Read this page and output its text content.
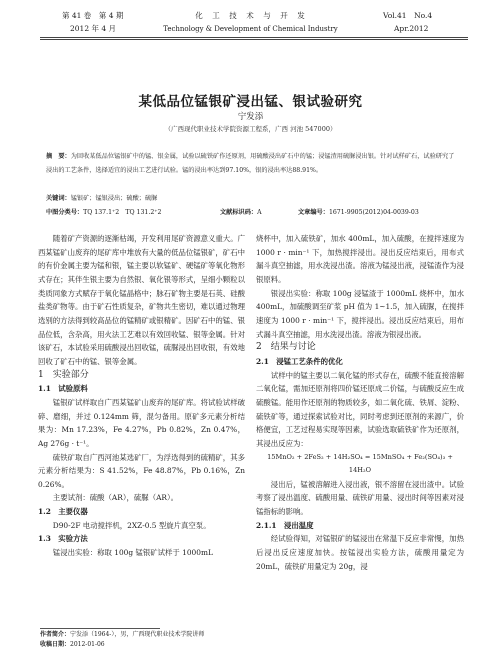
第 41 卷　第 4 期
2012 年 4 月
化　工　技　术　与　开　发
Technology & Development of Chemical Industry
Vol.41　No.4
Apr.2012
某低品位锰银矿浸出锰、银试验研究
宁发添
（广西现代职业技术学院资源工程系，广西 河池 547000）
摘　要：为回收某低品位锰银矿中的锰、银金属，试验以硫铁矿作还原剂，用硫酸浸出矿石中的锰；浸锰渣用硫脲浸出银。针对试样矿石，试验研究了浸出的工艺条件，选择适宜的浸出工艺进行试验。锰的浸出率达到97.10%，银的浸出率达88.91%。
关键词：锰银矿；锰银浸出；硫酸；硫脲
中图分类号：TQ 137.1⁺2　TQ 131.2⁺2	文献标识码：A	文章编号：1671-9905(2012)04-0039-03

随着矿产资源的逐渐枯竭，开发利用尾矿资源意义重大。广西某锰矿山废弃的尾矿库中堆放有大量的低品位锰银矿，矿石中的有价金属主要为锰和银，锰主要以软锰矿、硬锰矿等氧化物形式存在；其伴生银主要为自然银、氧化银等形式，呈细小颗粒以类质同象方式赋存于氧化锰晶格中；脉石矿物主要是石英、硅酸盐类矿物等。由于矿石性质复杂，矿物共生密切，难以通过物理选别的方法得到较高品位的锰精矿或银精矿。因矿石中的锰、银品位低，含杂高，用火法工艺难以有效回收锰、银等金属。针对该矿石，本试验采用硫酸浸出回收锰，硫脲浸出回收银，有效地回收了矿石中的锰、银等金属。

1　实验部分

1.1　试验原料

锰银矿试样取自广西某锰矿山废弃的尾矿库。将试验试样破碎、磨细，并过 0.124mm 筛，混匀备用。原矿多元素分析结果为：Mn 17.23%，Fe 4.27%，Pb 0.82%，Zn 0.47%，Ag 276g · t⁻¹。

硫铁矿取自广西河池某选矿厂，为浮选得到的硫精矿，其多元素分析结果为：S 41.52%，Fe 48.87%，Pb 0.16%，Zn 0.26%。

主要试剂：硫酸（AR），硫脲（AR）。

1.2　主要仪器

D90-2F 电动搅拌机，2XZ-0.5 型旋片真空泵。

1.3　实验方法

锰浸出实验：称取 100g 锰银矿试样于 1000mL

烧杯中，加入硫铁矿，加水 400mL，加入硫酸，在搅拌速度为 1000 r · min⁻¹ 下，加热搅拌浸出。浸出反应结束后，用布式漏斗真空抽滤，用水洗浸出渣。溶液为锰浸出液，浸锰渣作为浸银原料。

银浸出实验：称取 100g 浸锰渣于 1000mL 烧杯中，加水 400mL，加硫酸调至矿浆 pH 值为 1~1.5，加入硫脲，在搅拌速度为 1000 r · min⁻¹ 下，搅拌浸出。浸出反应结束后，用布式漏斗真空抽滤，用水洗浸出渣。溶液为银浸出液。

2　结果与讨论

2.1　浸锰工艺条件的优化

试样中的锰主要以二氧化锰的形式存在，硫酸不能直接溶解二氧化锰，需加还原剂将四价锰还原成二价锰，与硫酸反应生成硫酸锰。能用作还原剂的物质较多，如二氧化硫、铁屑、淀粉、硫铁矿等，通过探索试验对比，同时考虑到还原剂的来源广，价格便宜，工艺过程易实现等因素，试验选取硫铁矿作为还原剂，其浸出反应为：

15MnO₂ + 2FeS₂ + 14H₂SO₄ = 15MnSO₄ + Fe₂(SO₄)₃ + 14H₂O

浸出后，锰被溶解进入浸出液，银不溶留在浸出渣中。试验考察了浸出温度、硫酸用量、硫铁矿用量、浸出时间等因素对浸锰指标的影响。

2.1.1　浸出温度

经试验得知，对锰银矿的锰浸出在常温下反应非常慢，加热后浸出反应速度加快。按锰浸出实验方法，硫酸用量定为 20mL，硫铁矿用量定为 20g，浸

作者简介：宁发添（1964-），男，广西现代职业技术学院讲师
收稿日期：2012-01-06
